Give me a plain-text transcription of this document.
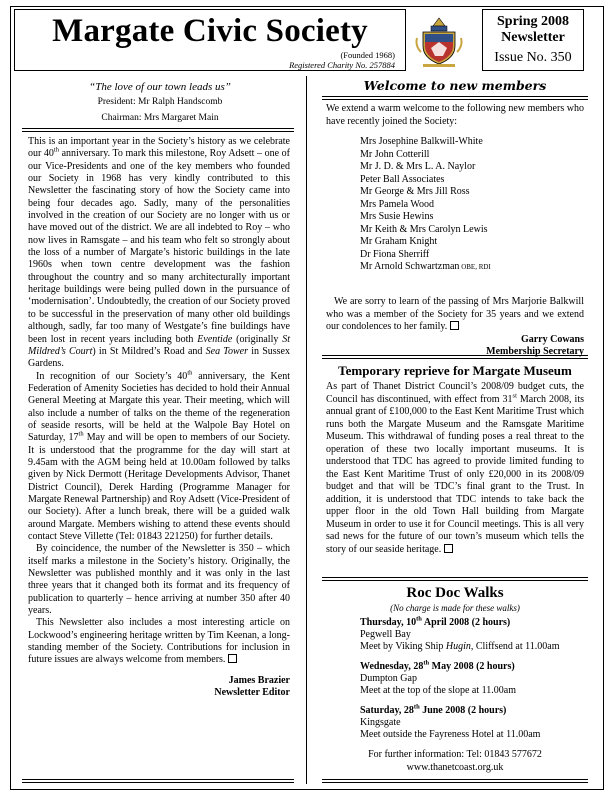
Margate Civic Society
(Founded 1968)
Registered Charity No. 257884
Spring 2008
Newsletter
Issue No. 350
“The love of our town leads us”
President: Mr Ralph Handscomb
Chairman: Mrs Margaret Main

This is an important year in the Society’s history as we celebrate our 40th anniversary. To mark this milestone, Roy Adsett – one of our Vice-Presidents and one of the key members who founded our Society in 1968 has very kindly contributed to this Newsletter the fascinating story of how the Society came into being four decades ago. Sadly, many of the personalities involved in the creation of our Society are no longer with us or have moved out of the district. We are all indebted to Roy – who now lives in Ramsgate – and his team who felt so strongly about the loss of a number of Margate’s historic buildings in the late 1960s when town centre development was the fashion throughout the country and so many architecturally important heritage buildings were being pulled down in the pursuance of ‘modernisation’. Undoubtedly, the creation of our Society proved to be successful in the preservation of many other old buildings although, sadly, far too many of Westgate’s fine buildings have been lost in recent years including both Eventide (originally St Mildred’s Court) in St Mildred’s Road and Sea Tower in Sussex Gardens.

In recognition of our Society’s 40th anniversary, the Kent Federation of Amenity Societies has decided to hold their Annual General Meeting at Margate this year. Their meeting, which will also include a number of talks on the theme of the regeneration of seaside resorts, will be held at the Walpole Bay Hotel on Saturday, 17th May and will be open to members of our Society. It is understood that the programme for the day will start at 9.45am with the AGM being held at 10.00am followed by talks given by Nick Dermott (Heritage Developments Advisor, Thanet District Council), Derek Harding (Programme Manager for Margate Renewal Partnership) and Roy Adsett (Vice-President of our Society). After a lunch break, there will be a guided walk around Margate. Members wishing to attend these events should contact Steve Villette (Tel: 01843 221250) for further details.

By coincidence, the number of the Newsletter is 350 – which itself marks a milestone in the Society’s history. Originally, the Newsletter was published monthly and it was only in the last three years that it changed both its format and its frequency of publication to quarterly – hence arriving at number 350 after 40 years.

This Newsletter also includes a most interesting article on Lockwood’s engineering heritage written by Tim Keenan, a long-standing member of the Society. Contributions for inclusion in future issues are always welcome from members.

James Brazier

Newsletter Editor

Welcome to new members
We extend a warm welcome to the following new members who have recently joined the Society:
Mrs Josephine Balkwill-White
Mr John Cotterill
Mr J. D. & Mrs L. A. Naylor
Peter Ball Associates
Mr George & Mrs Jill Ross
Mrs Pamela Wood
Mrs Susie Hewins
Mr Keith & Mrs Carolyn Lewis
Mr Graham Knight
Dr Fiona Sherriff
Mr Arnold Schwartzman OBE, RDI

We are sorry to learn of the passing of Mrs Marjorie Balkwill who was a member of the Society for 35 years and we extend our condolences to her family.

Garry Cowans

Membership Secretary

Temporary reprieve for Margate Museum

As part of Thanet District Council’s 2008/09 budget cuts, the Council has discontinued, with effect from 31st March 2008, its annual grant of £100,000 to the East Kent Maritime Trust which runs both the Margate Museum and the Ramsgate Maritime Museum. This withdrawal of funding poses a real threat to the operation of these two locally important museums. It is understood that TDC has agreed to provide limited funding to the East Kent Maritime Trust of only £20,000 in its 2008/09 budget and that will be TDC’s final grant to the Trust. In addition, it is understood that TDC intends to take back the upper floor in the old Town Hall building from Margate Museum in order to use it for Council meetings. This is all very sad news for the future of our town’s museum which tells the story of our seaside heritage.

Roc Doc Walks
(No charge is made for these walks)
Thursday, 10th April 2008 (2 hours)
Pegwell Bay
Meet by Viking Ship Hugin, Cliffsend at 11.00am
Wednesday, 28th May 2008 (2 hours)
Dumpton Gap
Meet at the top of the slope at 11.00am
Saturday, 28th June 2008 (2 hours)
Kingsgate
Meet outside the Fayreness Hotel at 11.00am
For further information: Tel: 01843 577672
www.thanetcoast.org.uk
